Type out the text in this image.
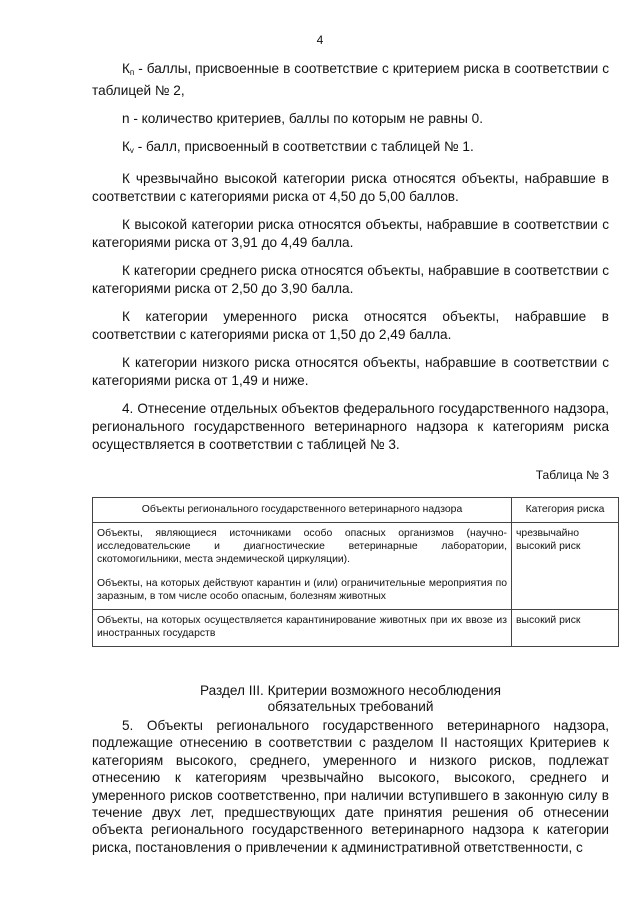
4

$К_п$ - баллы, присвоенные в соответствие с критерием риска в соответствии с таблицей № 2,

n - количество критериев, баллы по которым не равны 0.

$К_v$ - балл, присвоенный в соответствии с таблицей № 1.

К чрезвычайно высокой категории риска относятся объекты, набравшие в соответствии с категориями риска от 4,50 до 5,00 баллов.

К высокой категории риска относятся объекты, набравшие в соответствии с категориями риска от 3,91 до 4,49 балла.

К категории среднего риска относятся объекты, набравшие в соответствии с категориями риска от 2,50 до 3,90 балла.

К категории умеренного риска относятся объекты, набравшие в соответствии с категориями риска от 1,50 до 2,49 балла.

К категории низкого риска относятся объекты, набравшие в соответствии с категориями риска от 1,49 и ниже.

4. Отнесение отдельных объектов федерального государственного надзора, регионального государственного ветеринарного надзора к категориям риска осуществляется в соответствии с таблицей № 3.

Таблица № 3
Объекты регионального государственного ветеринарного надзора	Категория риска

Объекты, являющиеся источниками особо опасных организмов (научно-исследовательские и диагностические ветеринарные лаборатории, скотомогильники, места эндемической циркуляции).

Объекты, на которых действуют карантин и (или) ограничительные мероприятия по заразным, в том числе особо опасным, болезням животных	чрезвычайно высокий риск

Объекты, на которых осуществляется карантинирование животных при их ввозе из иностранных государств	высокий риск
Раздел III. Критерии возможного несоблюдения
обязательных требований

5. Объекты регионального государственного ветеринарного надзора, подлежащие отнесению в соответствии с разделом II настоящих Критериев к категориям высокого, среднего, умеренного и низкого рисков, подлежат отнесению к категориям чрезвычайно высокого, высокого, среднего и умеренного рисков соответственно, при наличии вступившего в законную силу в течение двух лет, предшествующих дате принятия решения об отнесении объекта регионального государственного ветеринарного надзора к категории риска, постановления о привлечении к административной ответственности, с
